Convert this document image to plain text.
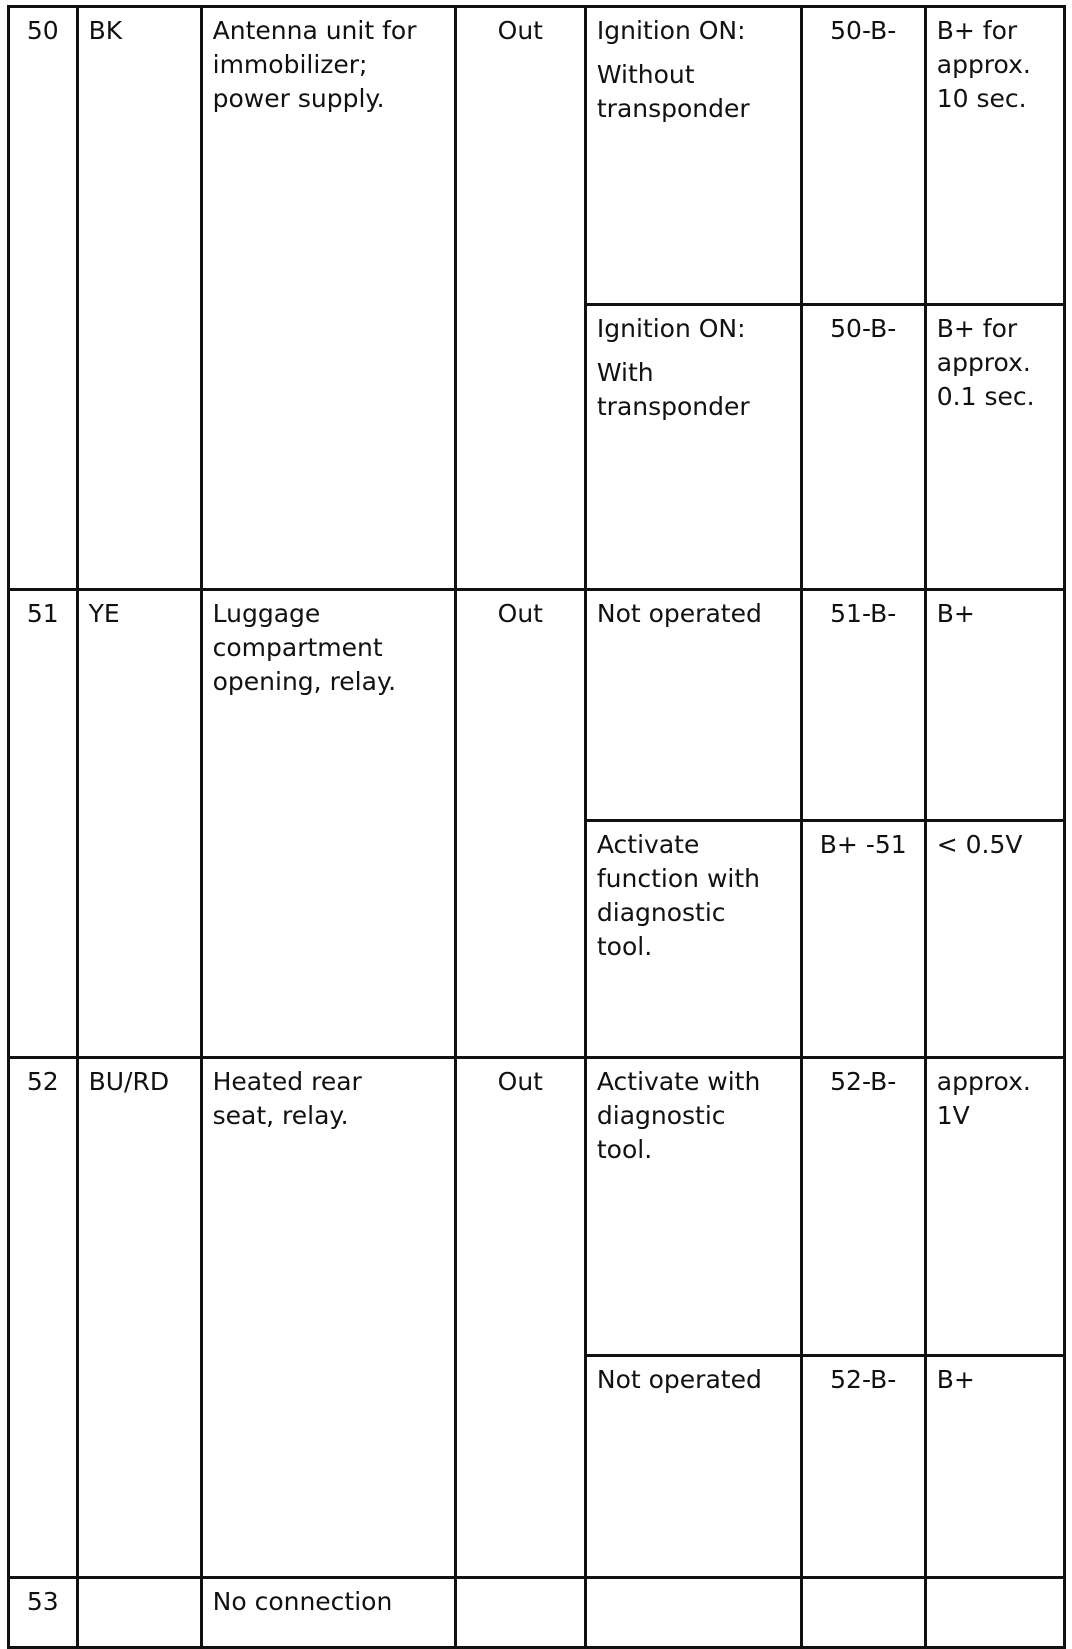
50	BK	Antenna unit for
immobilizer;
power supply.	Out	Ignition ON:
Without
transponder	50-B-	B+ for
approx.
10 sec.

				Ignition ON:
With
transponder	50-B-	B+ for
approx.
0.1 sec.

51	YE	Luggage
compartment
opening, relay.	Out	Not operated	51-B-	B+

				Activate
function with
diagnostic
tool.	B+ -51	< 0.5V

52	BU/RD	Heated rear
seat, relay.	Out	Activate with
diagnostic
tool.	52-B-	approx.
1V

				Not operated	52-B-	B+

53		No connection				
